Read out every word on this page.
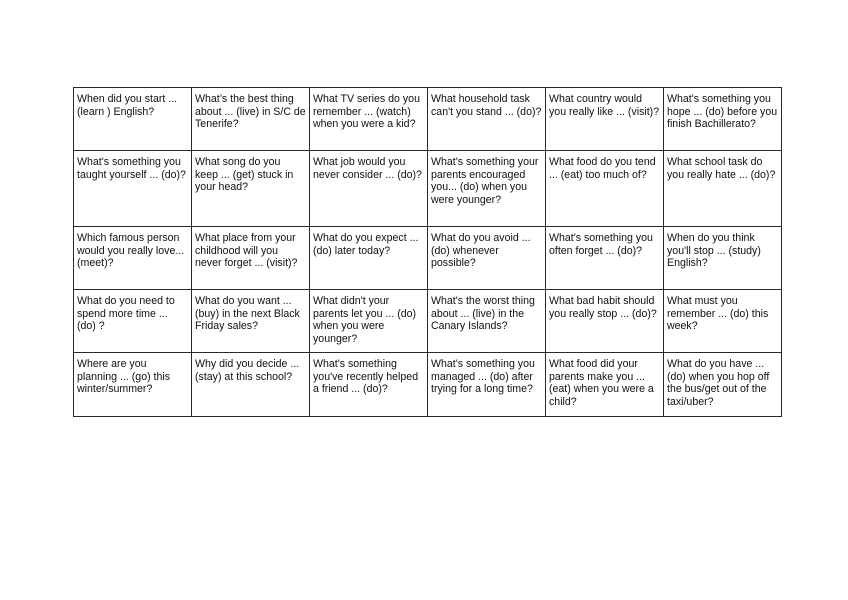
When did you start ... (learn ) English?	What’s the best thing about ... (live) in S/C de Tenerife?	What TV series do you remember ... (watch) when you were a kid?	What household task can't you stand ... (do)?	What country would you really like ... (visit)?	What's something you hope ... (do) before you finish Bachillerato?
What's something you taught yourself ... (do)?	What song do you keep ... (get) stuck in your head?	What job would you never consider ... (do)?	What's something your parents encouraged you... (do) when you were younger?	What food do you tend ... (eat) too much of?	What school task do you really hate ... (do)?
Which famous person would you really love... (meet)?	What place from your childhood will you never forget ... (visit)?	What do you expect ... (do) later today?	What do you avoid ... (do) whenever possible?	What's something you often forget ... (do)?	When do you think you'll stop ... (study) English?
What do you need to spend more time ... (do) ?	What do you want ... (buy) in the next Black Friday sales?	What didn't your parents let you ... (do) when you were younger?	What's the worst thing about ... (live) in the Canary Islands?	What bad habit should you really stop ... (do)?	What must you remember ... (do) this week?
Where are you planning ... (go) this winter/summer?	Why did you decide ... (stay) at this school?	What's something you've recently helped a friend ... (do)?	What's something you managed ... (do) after trying for a long time?	What food did your parents make you ... (eat) when you were a child?	What do you have ... (do) when you hop off the bus/get out of the taxi/uber?
